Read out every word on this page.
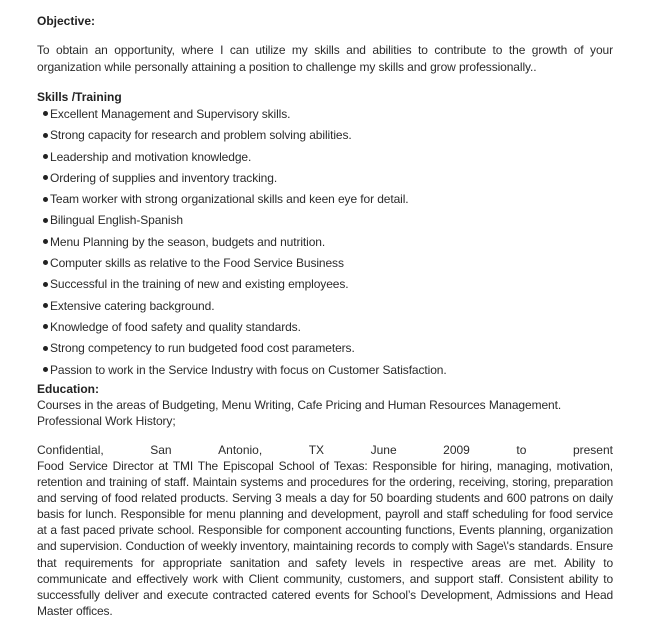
Objective:
To obtain an opportunity, where I can utilize my skills and abilities to contribute to the growth of your organization while personally attaining a position to challenge my skills and grow professionally..
Skills /Training
Excellent Management and Supervisory skills.
Strong capacity for research and problem solving abilities.
Leadership and motivation knowledge.
Ordering of supplies and inventory tracking.
Team worker with strong organizational skills and keen eye for detail.
Bilingual English-Spanish
Menu Planning by the season, budgets and nutrition.
Computer skills as relative to the Food Service Business
Successful in the training of new and existing employees.
Extensive catering background.
Knowledge of food safety and quality standards.
Strong competency to run budgeted food cost parameters.
Passion to work in the Service Industry with focus on Customer Satisfaction.
Education:
Courses in the areas of Budgeting, Menu Writing, Cafe Pricing and Human Resources Management.
Professional Work History;
Confidential,	San	Antonio,	TX	June	2009	to	present
Food Service Director at TMI The Episcopal School of Texas: Responsible for hiring, managing, motivation, retention and training of staff. Maintain systems and procedures for the ordering, receiving, storing, preparation and serving of food related products. Serving 3 meals a day for 50 boarding students and 600 patrons on daily basis for lunch. Responsible for menu planning and development, payroll and staff scheduling for food service at a fast paced private school. Responsible for component accounting functions, Events planning, organization and supervision. Conduction of weekly inventory, maintaining records to comply with Sage\'s standards. Ensure that requirements for appropriate sanitation and safety levels in respective areas are met. Ability to communicate and effectively work with Client community, customers, and support staff. Consistent ability to successfully deliver and execute contracted catered events for School’s Development, Admissions and Head Master offices.
